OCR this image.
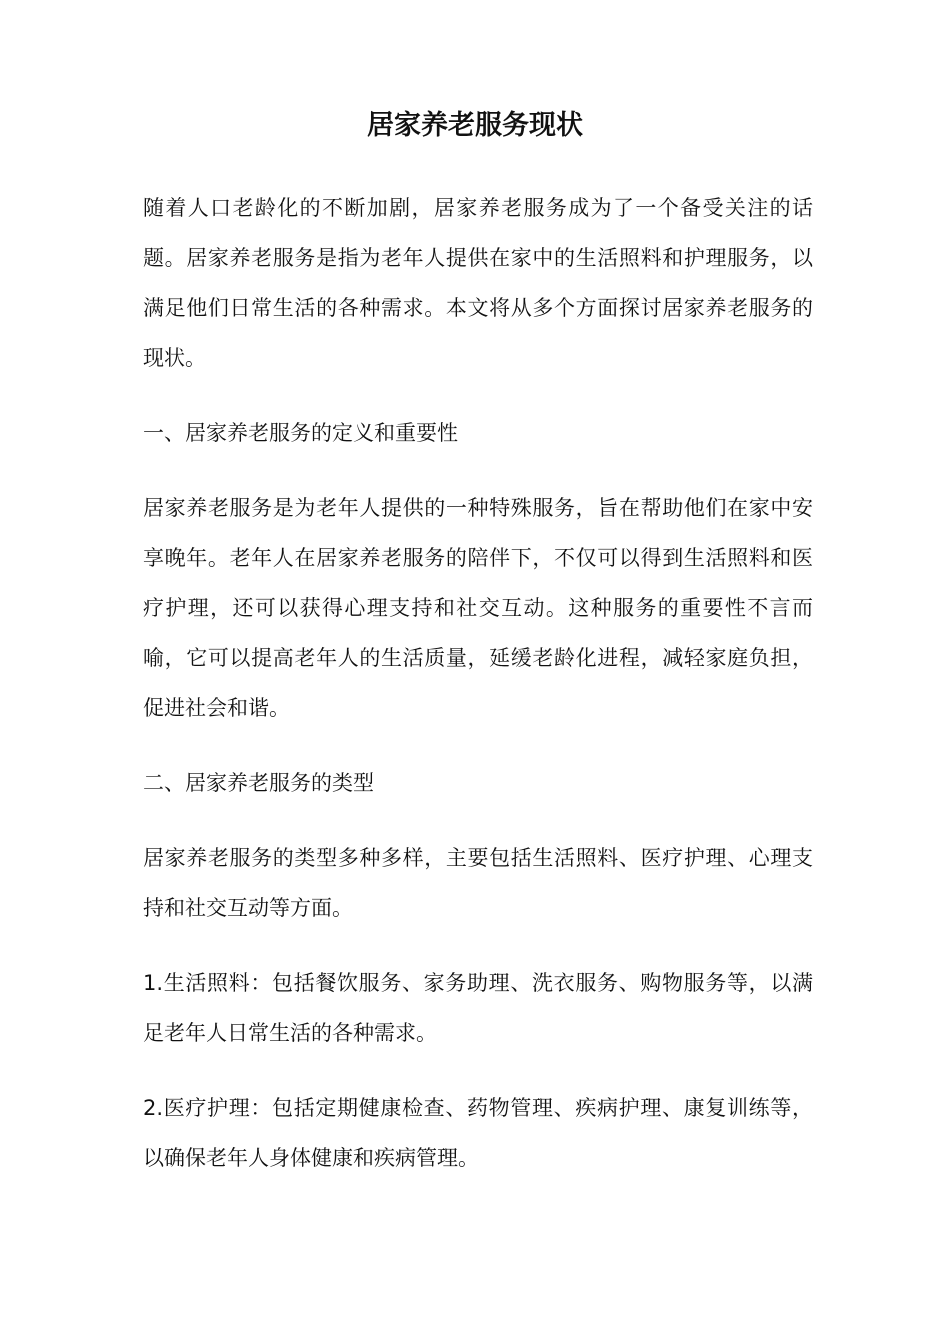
居家养老服务现状

随着人口老龄化的不断加剧，居家养老服务成为了一个备受关注的话题。居家养老服务是指为老年人提供在家中的生活照料和护理服务，以满足他们日常生活的各种需求。本文将从多个方面探讨居家养老服务的现状。

一、居家养老服务的定义和重要性

居家养老服务是为老年人提供的一种特殊服务，旨在帮助他们在家中安享晚年。老年人在居家养老服务的陪伴下，不仅可以得到生活照料和医疗护理，还可以获得心理支持和社交互动。这种服务的重要性不言而喻，它可以提高老年人的生活质量，延缓老龄化进程，减轻家庭负担，促进社会和谐。

二、居家养老服务的类型

居家养老服务的类型多种多样，主要包括生活照料、医疗护理、心理支持和社交互动等方面。

1.生活照料：包括餐饮服务、家务助理、洗衣服务、购物服务等，以满足老年人日常生活的各种需求。

2.医疗护理：包括定期健康检查、药物管理、疾病护理、康复训练等，以确保老年人身体健康和疾病管理。
